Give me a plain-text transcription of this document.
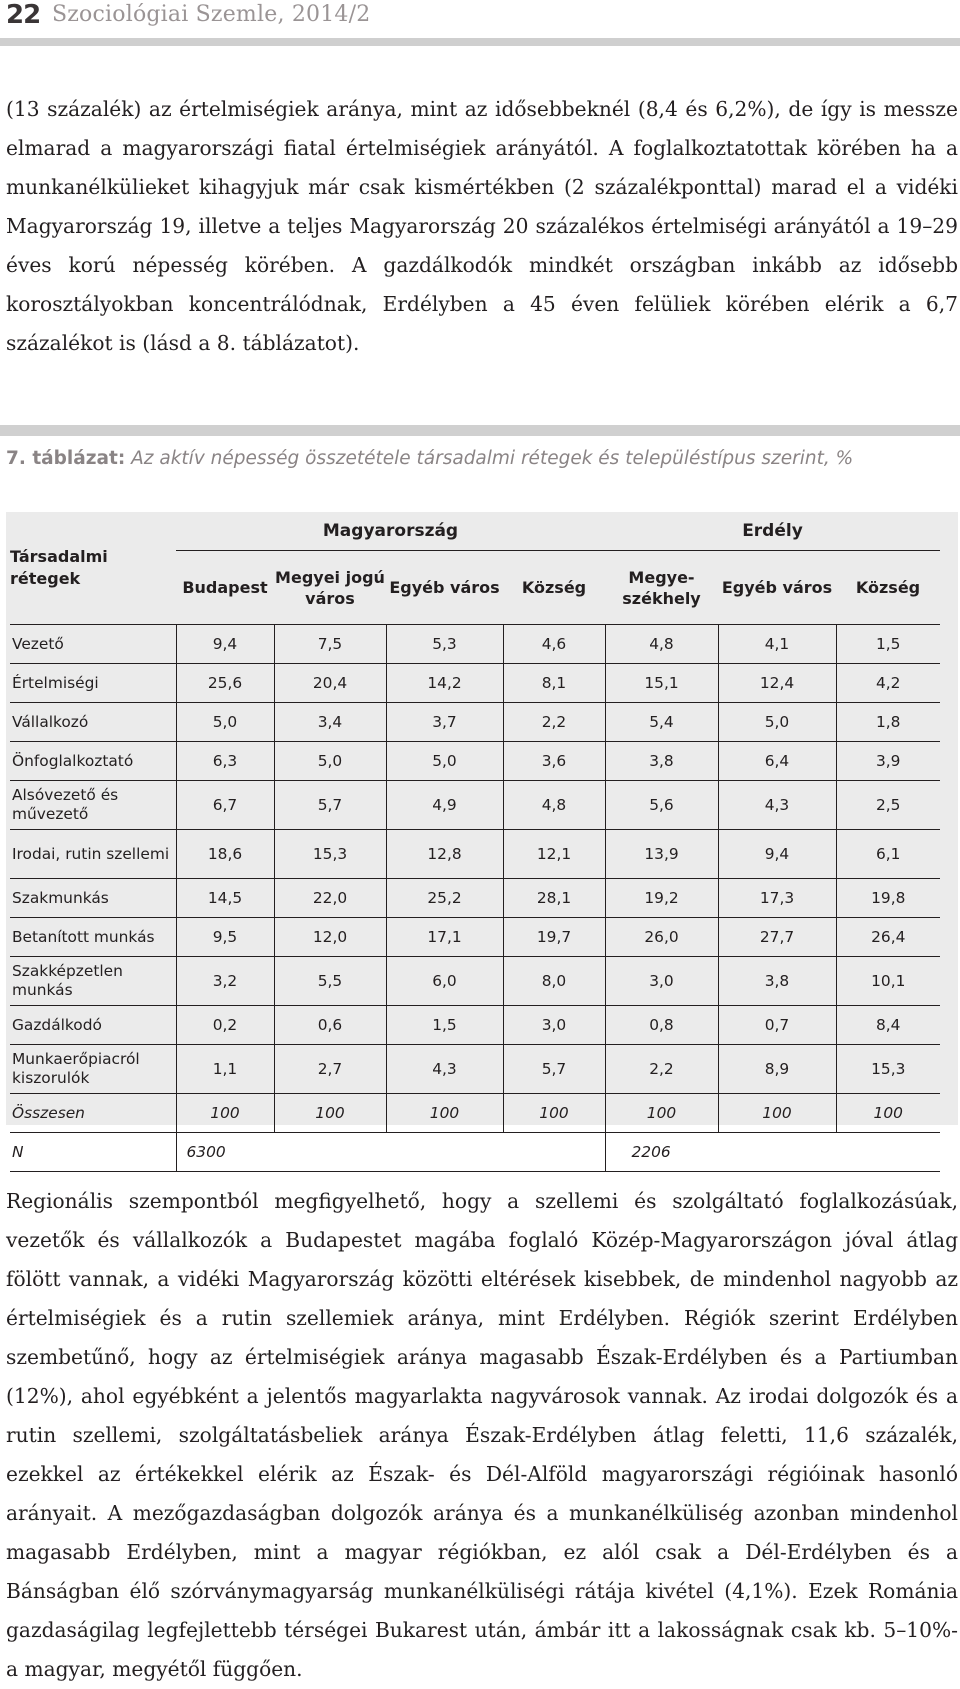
22 Szociológiai Szemle, 2014/2

(13 százalék) az értelmiségiek aránya, mint az idősebbeknél (8,4 és 6,2%), de így is messze elmarad a magyarországi fiatal értelmiségiek arányától. A foglalkoztatottak körében ha a munkanélkülieket kihagyjuk már csak kismértékben (2 százalékponttal) marad el a vidéki Magyarország 19, illetve a teljes Magyarország 20 százalékos értelmiségi arányától a 19–29 éves korú népesség körében. A gazdálkodók mindkét országban inkább az idősebb korosztályokban koncentrálódnak, Erdélyben a 45 éven felüliek körében elérik a 6,7 százalékot is (lásd a 8. táblázatot).

7. táblázat: Az aktív népesség összetétele társadalmi rétegek és településtípus szerint, %
Társadalmi rétegek	Magyarország				Erdély		
	Budapest	Megyei jogú város	Egyéb város	Község	Megye-székhely	Egyéb város	Község
Vezető	9,4	7,5	5,3	4,6	4,8	4,1	1,5
Értelmiségi	25,6	20,4	14,2	8,1	15,1	12,4	4,2
Vállalkozó	5,0	3,4	3,7	2,2	5,4	5,0	1,8
Önfoglalkoztató	6,3	5,0	5,0	3,6	3,8	6,4	3,9
Alsóvezető és művezető	6,7	5,7	4,9	4,8	5,6	4,3	2,5
Irodai, rutin szellemi	18,6	15,3	12,8	12,1	13,9	9,4	6,1
Szakmunkás	14,5	22,0	25,2	28,1	19,2	17,3	19,8
Betanított munkás	9,5	12,0	17,1	19,7	26,0	27,7	26,4
Szakképzetlen munkás	3,2	5,5	6,0	8,0	3,0	3,8	10,1
Gazdálkodó	0,2	0,6	1,5	3,0	0,8	0,7	8,4
Munkaerőpiacról kiszorulók	1,1	2,7	4,3	5,7	2,2	8,9	15,3
Összesen	100	100	100	100	100	100	100
N	6300				2206		

Regionális szempontból megfigyelhető, hogy a szellemi és szolgáltató foglalkozásúak, vezetők és vállalkozók a Budapestet magába foglaló Közép-Magyarországon jóval átlag fölött vannak, a vidéki Magyarország közötti eltérések kisebbek, de mindenhol nagyobb az értelmiségiek és a rutin szellemiek aránya, mint Erdélyben. Régiók szerint Erdélyben szembetűnő, hogy az értelmiségiek aránya magasabb Észak-Erdélyben és a Partiumban (12%), ahol egyébként a jelentős magyarlakta nagyvárosok vannak. Az irodai dolgozók és a rutin szellemi, szolgáltatásbeliek aránya Észak-Erdélyben átlag feletti, 11,6 százalék, ezekkel az értékekkel elérik az Észak- és Dél-Alföld magyarországi régióinak hasonló arányait. A mezőgazdaságban dolgozók aránya és a munkanélküliség azonban mindenhol magasabb Erdélyben, mint a magyar régiókban, ez alól csak a Dél-Erdélyben és a Bánságban élő szórványmagyarság munkanélküliségi rátája kivétel (4,1%). Ezek Románia gazdaságilag legfejlettebb térségei Bukarest után, ámbár itt a lakosságnak csak kb. 5–10%-a magyar, megyétől függően.
